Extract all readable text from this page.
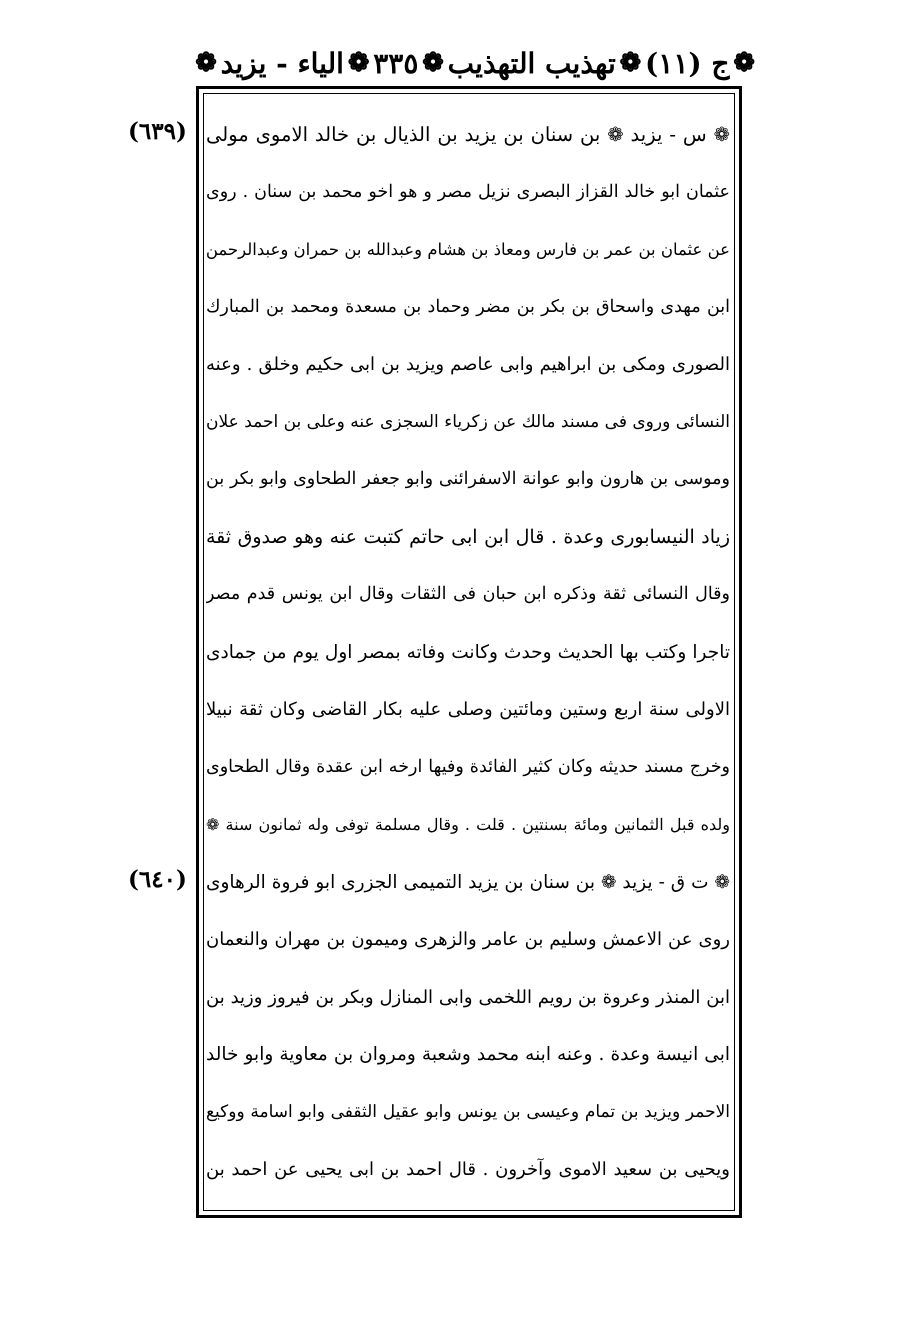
❁
ج (١١)
❁
تهذيب التهذيب
❁
٣٣٥
❁
الياء - يزيد
❁
(٦٣٩)
(٦٤٠)
❁ س - يزيد ❁ بن سنان بن يزيد بن الذيال بن خالد الاموى مولى
عثمان ابو خالد القزاز البصرى نزيل مصر و هو اخو محمد بن سنان . روى
عن عثمان بن عمر بن فارس ومعاذ بن هشام وعبدالله بن حمران وعبدالرحمن
ابن مهدى واسحاق بن بكر بن مضر وحماد بن مسعدة ومحمد بن المبارك
الصورى ومكى بن ابراهيم وابى عاصم ويزيد بن ابى حكيم وخلق . وعنه
النسائى وروى فى مسند مالك عن زكرياء السجزى عنه وعلى بن احمد علان
وموسى بن هارون وابو عوانة الاسفرائنى وابو جعفر الطحاوى وابو بكر بن
زياد النيسابورى وعدة . قال ابن ابى حاتم كتبت عنه وهو صدوق ثقة
وقال النسائى ثقة وذكره ابن حبان فى الثقات وقال ابن يونس قدم مصر
تاجرا وكتب بها الحديث وحدث وكانت وفاته بمصر اول يوم من جمادى
الاولى سنة اربع وستين ومائتين وصلى عليه بكار القاضى وكان ثقة نبيلا
وخرج مسند حديثه وكان كثير الفائدة وفيها ارخه ابن عقدة وقال الطحاوى
ولده قبل الثمانين ومائة بسنتين . قلت . وقال مسلمة توفى وله ثمانون سنة ❁
❁ ت ق - يزيد ❁ بن سنان بن يزيد التميمى الجزرى ابو فروة الرهاوى
روى عن الاعمش وسليم بن عامر والزهرى وميمون بن مهران والنعمان
ابن المنذر وعروة بن رويم اللخمى وابى المنازل وبكر بن فيروز وزيد بن
ابى انيسة وعدة . وعنه ابنه محمد وشعبة ومروان بن معاوية وابو خالد
الاحمر ويزيد بن تمام وعيسى بن يونس وابو عقيل الثقفى وابو اسامة ووكيع
ويحيى بن سعيد الاموى وآخرون . قال احمد بن ابى يحيى عن احمد بن
